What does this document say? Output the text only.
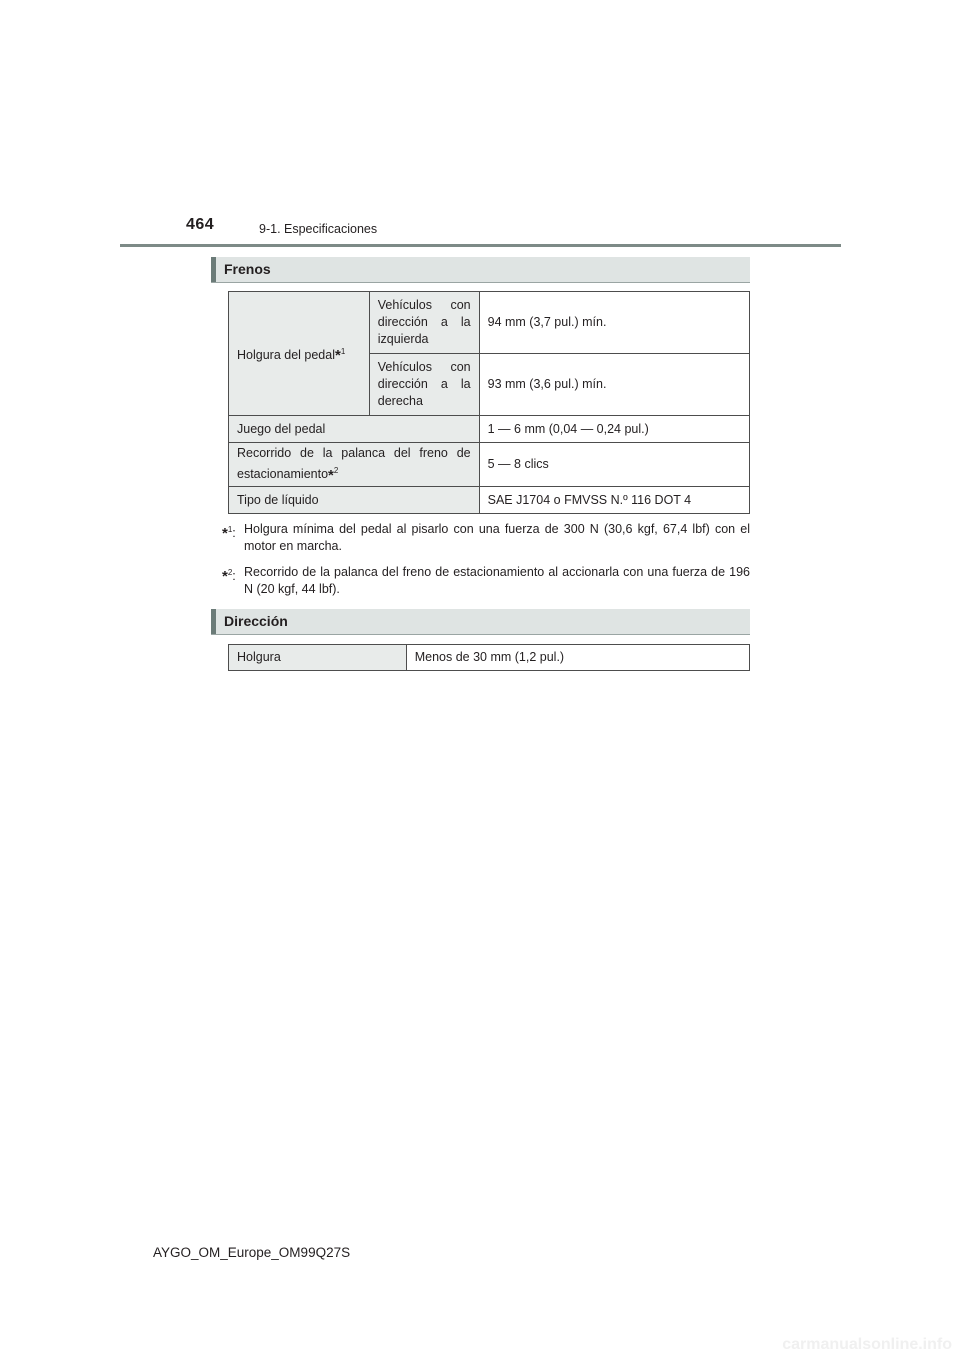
464	9-1. Especificaciones
Frenos
Holgura del pedal*$^1$	Vehículos con
dirección a la
izquierda	94 mm (3,7 pul.) mín.

	Vehículos con
dirección a la
derecha	93 mm (3,6 pul.) mín.
Juego del pedal		1 — 6 mm (0,04 — 0,24 pul.)

Recorrido de la palanca del freno de
estacionamiento*$^2$		5 — 8 clics
Tipo de líquido		SAE J1704 o FMVSS N.º 116 DOT 4
*$^1$: Holgura mínima del pedal al pisarlo con una fuerza de 300 N (30,6 kgf, 67,4 lbf) con el motor en marcha.
*$^2$: Recorrido de la palanca del freno de estacionamiento al accionarla con una fuerza de 196 N (20 kgf, 44 lbf).
Dirección
Holgura	Menos de 30 mm (1,2 pul.)
AYGO_OM_Europe_OM99Q27S
carmanualsonline.info
